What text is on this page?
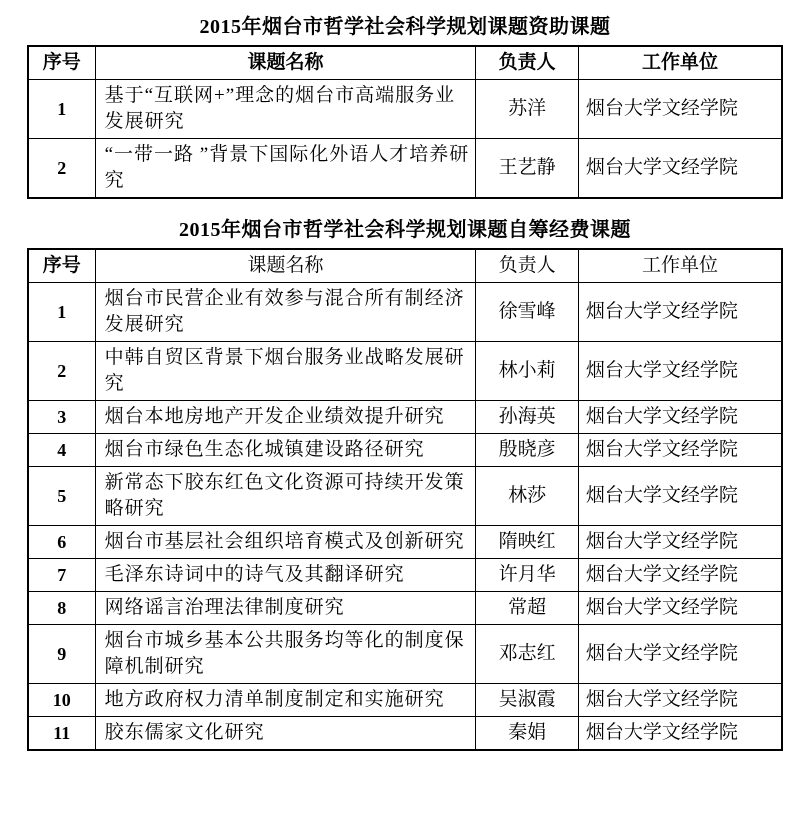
2015年烟台市哲学社会科学规划课题资助课题
序号	课题名称	负责人	工作单位
1	基于“互联网+”理念的烟台市高端服务业发展研究	苏洋	烟台大学文经学院
2	“一带一路 ”背景下国际化外语人才培养研究	王艺静	烟台大学文经学院
2015年烟台市哲学社会科学规划课题自筹经费课题
序号	课题名称	负责人	工作单位
1	烟台市民营企业有效参与混合所有制经济发展研究	徐雪峰	烟台大学文经学院
2	中韩自贸区背景下烟台服务业战略发展研究	林小莉	烟台大学文经学院
3	烟台本地房地产开发企业绩效提升研究	孙海英	烟台大学文经学院
4	烟台市绿色生态化城镇建设路径研究	殷晓彦	烟台大学文经学院
5	新常态下胶东红色文化资源可持续开发策略研究	林莎	烟台大学文经学院
6	烟台市基层社会组织培育模式及创新研究	隋映红	烟台大学文经学院
7	毛泽东诗词中的诗气及其翻译研究	许月华	烟台大学文经学院
8	网络谣言治理法律制度研究	常超	烟台大学文经学院
9	烟台市城乡基本公共服务均等化的制度保障机制研究	邓志红	烟台大学文经学院
10	地方政府权力清单制度制定和实施研究	吴淑霞	烟台大学文经学院
11	胶东儒家文化研究	秦娟	烟台大学文经学院
